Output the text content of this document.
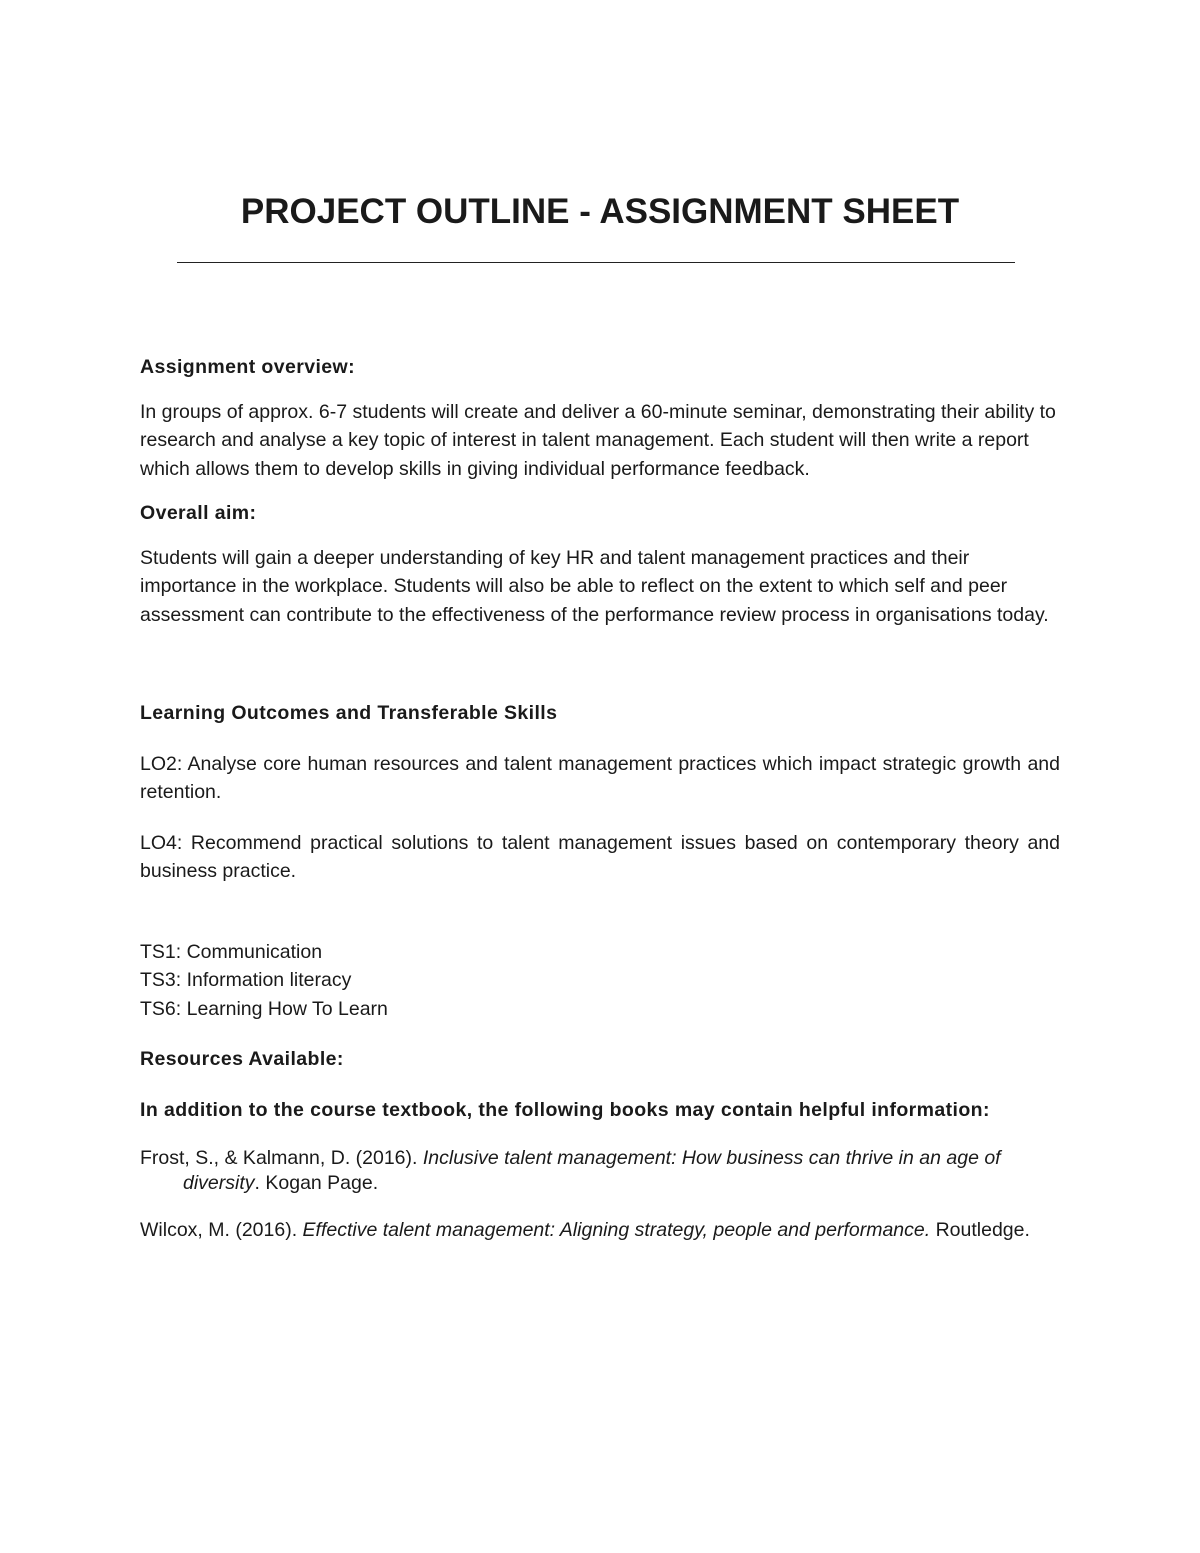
PROJECT OUTLINE - ASSIGNMENT SHEET

Assignment overview:

In groups of approx. 6-7 students will create and deliver a 60-minute seminar, demonstrating their ability to research and analyse a key topic of interest in talent management. Each student will then write a report which allows them to develop skills in giving individual performance feedback.

Overall aim:

Students will gain a deeper understanding of key HR and talent management practices and their importance in the workplace. Students will also be able to reflect on the extent to which self and peer assessment can contribute to the effectiveness of the performance review process in organisations today.

Learning Outcomes and Transferable Skills

LO2: Analyse core human resources and talent management practices which impact strategic growth and retention.

LO4: Recommend practical solutions to talent management issues based on contemporary theory and business practice.

TS1: Communication
TS3: Information literacy
TS6: Learning How To Learn

Resources Available:

In addition to the course textbook, the following books may contain helpful information:

Frost, S., & Kalmann, D. (2016). Inclusive talent management: How business can thrive in an age of diversity. Kogan Page.

Wilcox, M. (2016). Effective talent management: Aligning strategy, people and performance. Routledge.
